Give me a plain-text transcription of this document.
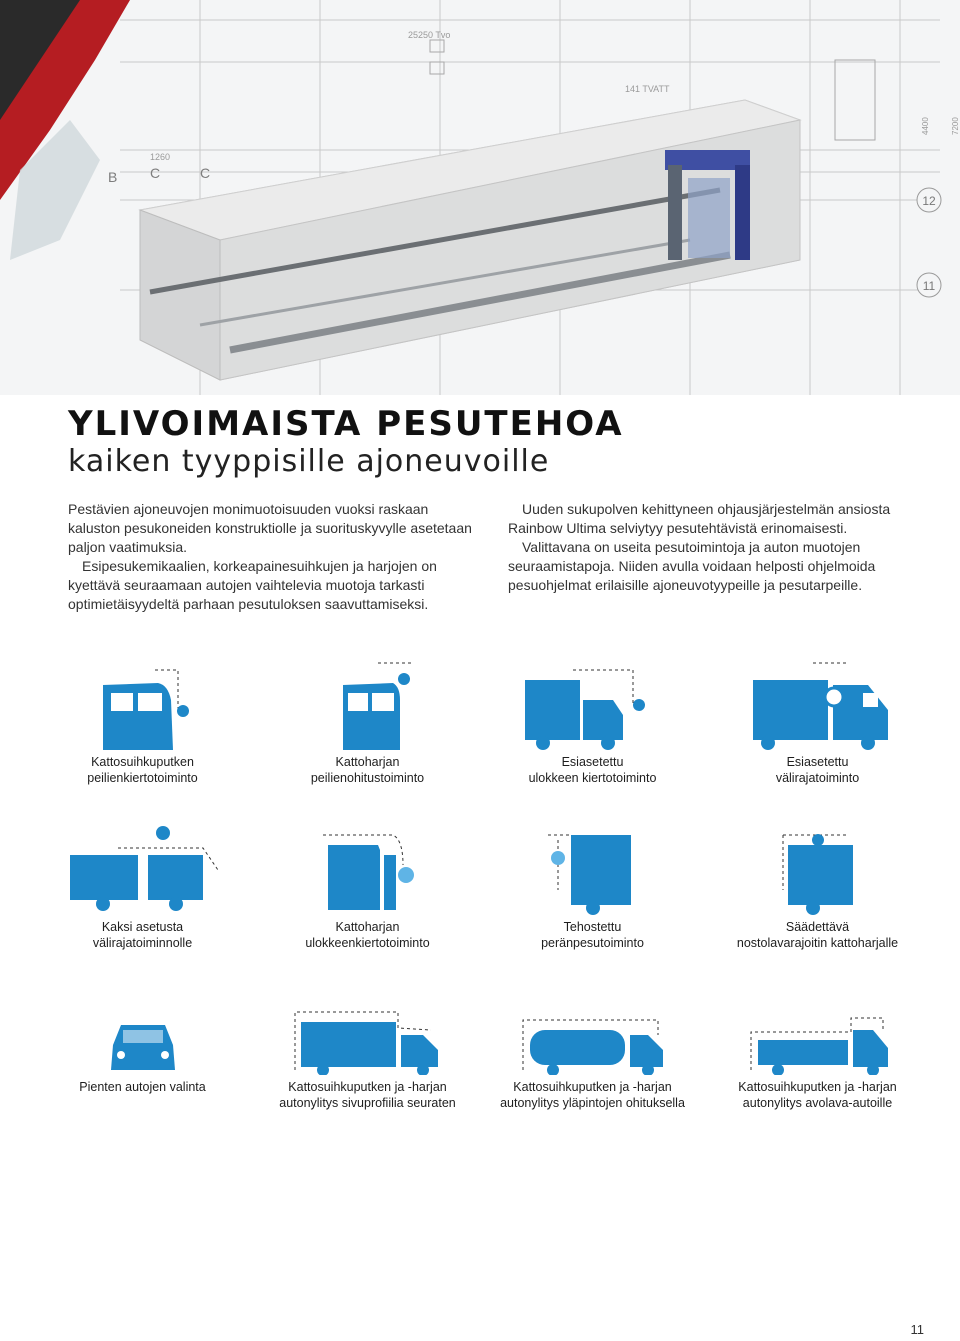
25250 Tvo
141 TVATT
1260
B C	C
4400	7200
12
11
YLIVOIMAISTA PESUTEHOA
kaiken tyyppisille ajoneuvoille

Pestävien ajoneuvojen monimuotoisuuden vuoksi raskaan kaluston pesukoneiden konstruktiolle ja suorituskyvylle asetetaan paljon vaatimuksia.

Esipesukemikaalien, korkeapainesuihkujen ja harjojen on kyettävä seuraamaan autojen vaihtelevia muotoja tarkasti optimietäisyydeltä parhaan pesutuloksen saavuttamiseksi.

Uuden sukupolven kehittyneen ohjausjärjestelmän ansiosta Rainbow Ultima selviytyy pesutehtävistä erinomaisesti.

Valittavana on useita pesutoimintoja ja auton muotojen seuraamistapoja. Niiden avulla voidaan helposti ohjelmoida pesuohjelmat erilaisille ajoneuvotyypeille ja pesutarpeille.

Kattosuihkuputken
peilienkiertotoiminto
Kattoharjan
peilienohitustoiminto
Esiasetettu
ulokkeen kiertotoiminto
Esiasetettu
välirajatoiminto
Kaksi asetusta
välirajatoiminnolle
Kattoharjan
ulokkeenkiertotoiminto
Tehostettu
peränpesutoiminto
Säädettävä
nostolavarajoitin kattoharjalle
Pienten autojen valinta	Kattosuihkuputken ja -harjan
autonylitys sivuprofiilia seuraten
Kattosuihkuputken ja -harjan
autonylitys yläpintojen ohituksella
Kattosuihkuputken ja -harjan
autonylitys avolava-autoille
11
